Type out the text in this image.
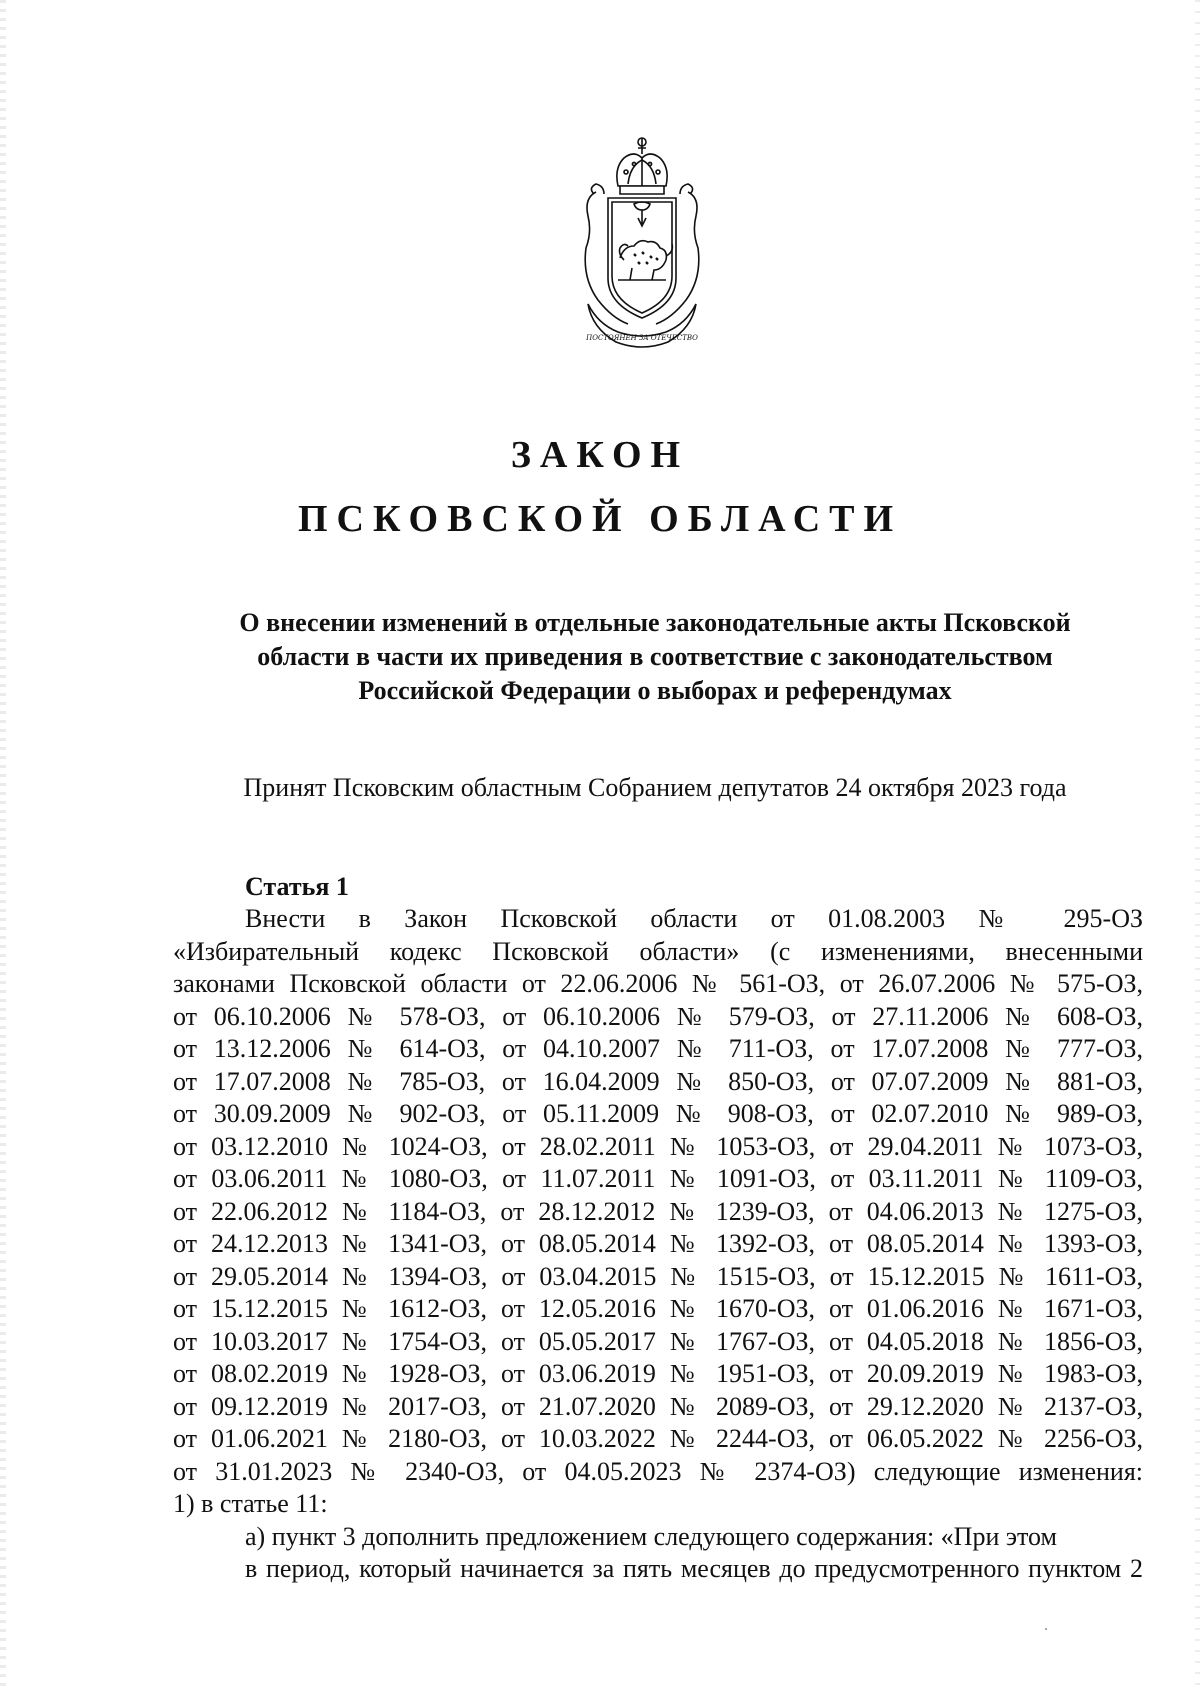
ПОСТОЯНЕН ЗА ОТЕЧЕСТВО
ЗАКОН
ПСКОВСКОЙ ОБЛАСТИ

О внесении изменений в отдельные законодательные акты Псковской
области в части их приведения в соответствие с законодательством
Российской Федерации о выборах и референдумах

Принят Псковским областным Собранием депутатов 24 октября 2023 года

Статья 1

Внести в Закон Псковской области от 01.08.2003 № 295-ОЗ
«Избирательный кодекс Псковской области» (с изменениями, внесенными
законами Псковской области от 22.06.2006 № 561-ОЗ, от 26.07.2006 № 575-ОЗ,
от 06.10.2006 № 578-ОЗ, от 06.10.2006 № 579-ОЗ, от 27.11.2006 № 608-ОЗ,
от 13.12.2006 № 614-ОЗ, от 04.10.2007 № 711-ОЗ, от 17.07.2008 № 777-ОЗ,
от 17.07.2008 № 785-ОЗ, от 16.04.2009 № 850-ОЗ, от 07.07.2009 № 881-ОЗ,
от 30.09.2009 № 902-ОЗ, от 05.11.2009 № 908-ОЗ, от 02.07.2010 № 989-ОЗ,
от 03.12.2010 № 1024-ОЗ, от 28.02.2011 № 1053-ОЗ, от 29.04.2011 № 1073-ОЗ,
от 03.06.2011 № 1080-ОЗ, от 11.07.2011 № 1091-ОЗ, от 03.11.2011 № 1109-ОЗ,
от 22.06.2012 № 1184-ОЗ, от 28.12.2012 № 1239-ОЗ, от 04.06.2013 № 1275-ОЗ,
от 24.12.2013 № 1341-ОЗ, от 08.05.2014 № 1392-ОЗ, от 08.05.2014 № 1393-ОЗ,
от 29.05.2014 № 1394-ОЗ, от 03.04.2015 № 1515-ОЗ, от 15.12.2015 № 1611-ОЗ,
от 15.12.2015 № 1612-ОЗ, от 12.05.2016 № 1670-ОЗ, от 01.06.2016 № 1671-ОЗ,
от 10.03.2017 № 1754-ОЗ, от 05.05.2017 № 1767-ОЗ, от 04.05.2018 № 1856-ОЗ,
от 08.02.2019 № 1928-ОЗ, от 03.06.2019 № 1951-ОЗ, от 20.09.2019 № 1983-ОЗ,
от 09.12.2019 № 2017-ОЗ, от 21.07.2020 № 2089-ОЗ, от 29.12.2020 № 2137-ОЗ,
от 01.06.2021 № 2180-ОЗ, от 10.03.2022 № 2244-ОЗ, от 06.05.2022 № 2256-ОЗ,
от 31.01.2023 № 2340-ОЗ, от 04.05.2023 № 2374-ОЗ) следующие изменения:
1) в статье 11:
а) пункт 3 дополнить предложением следующего содержания: «При этом
в период, который начинается за пять месяцев до предусмотренного пунктом 2
